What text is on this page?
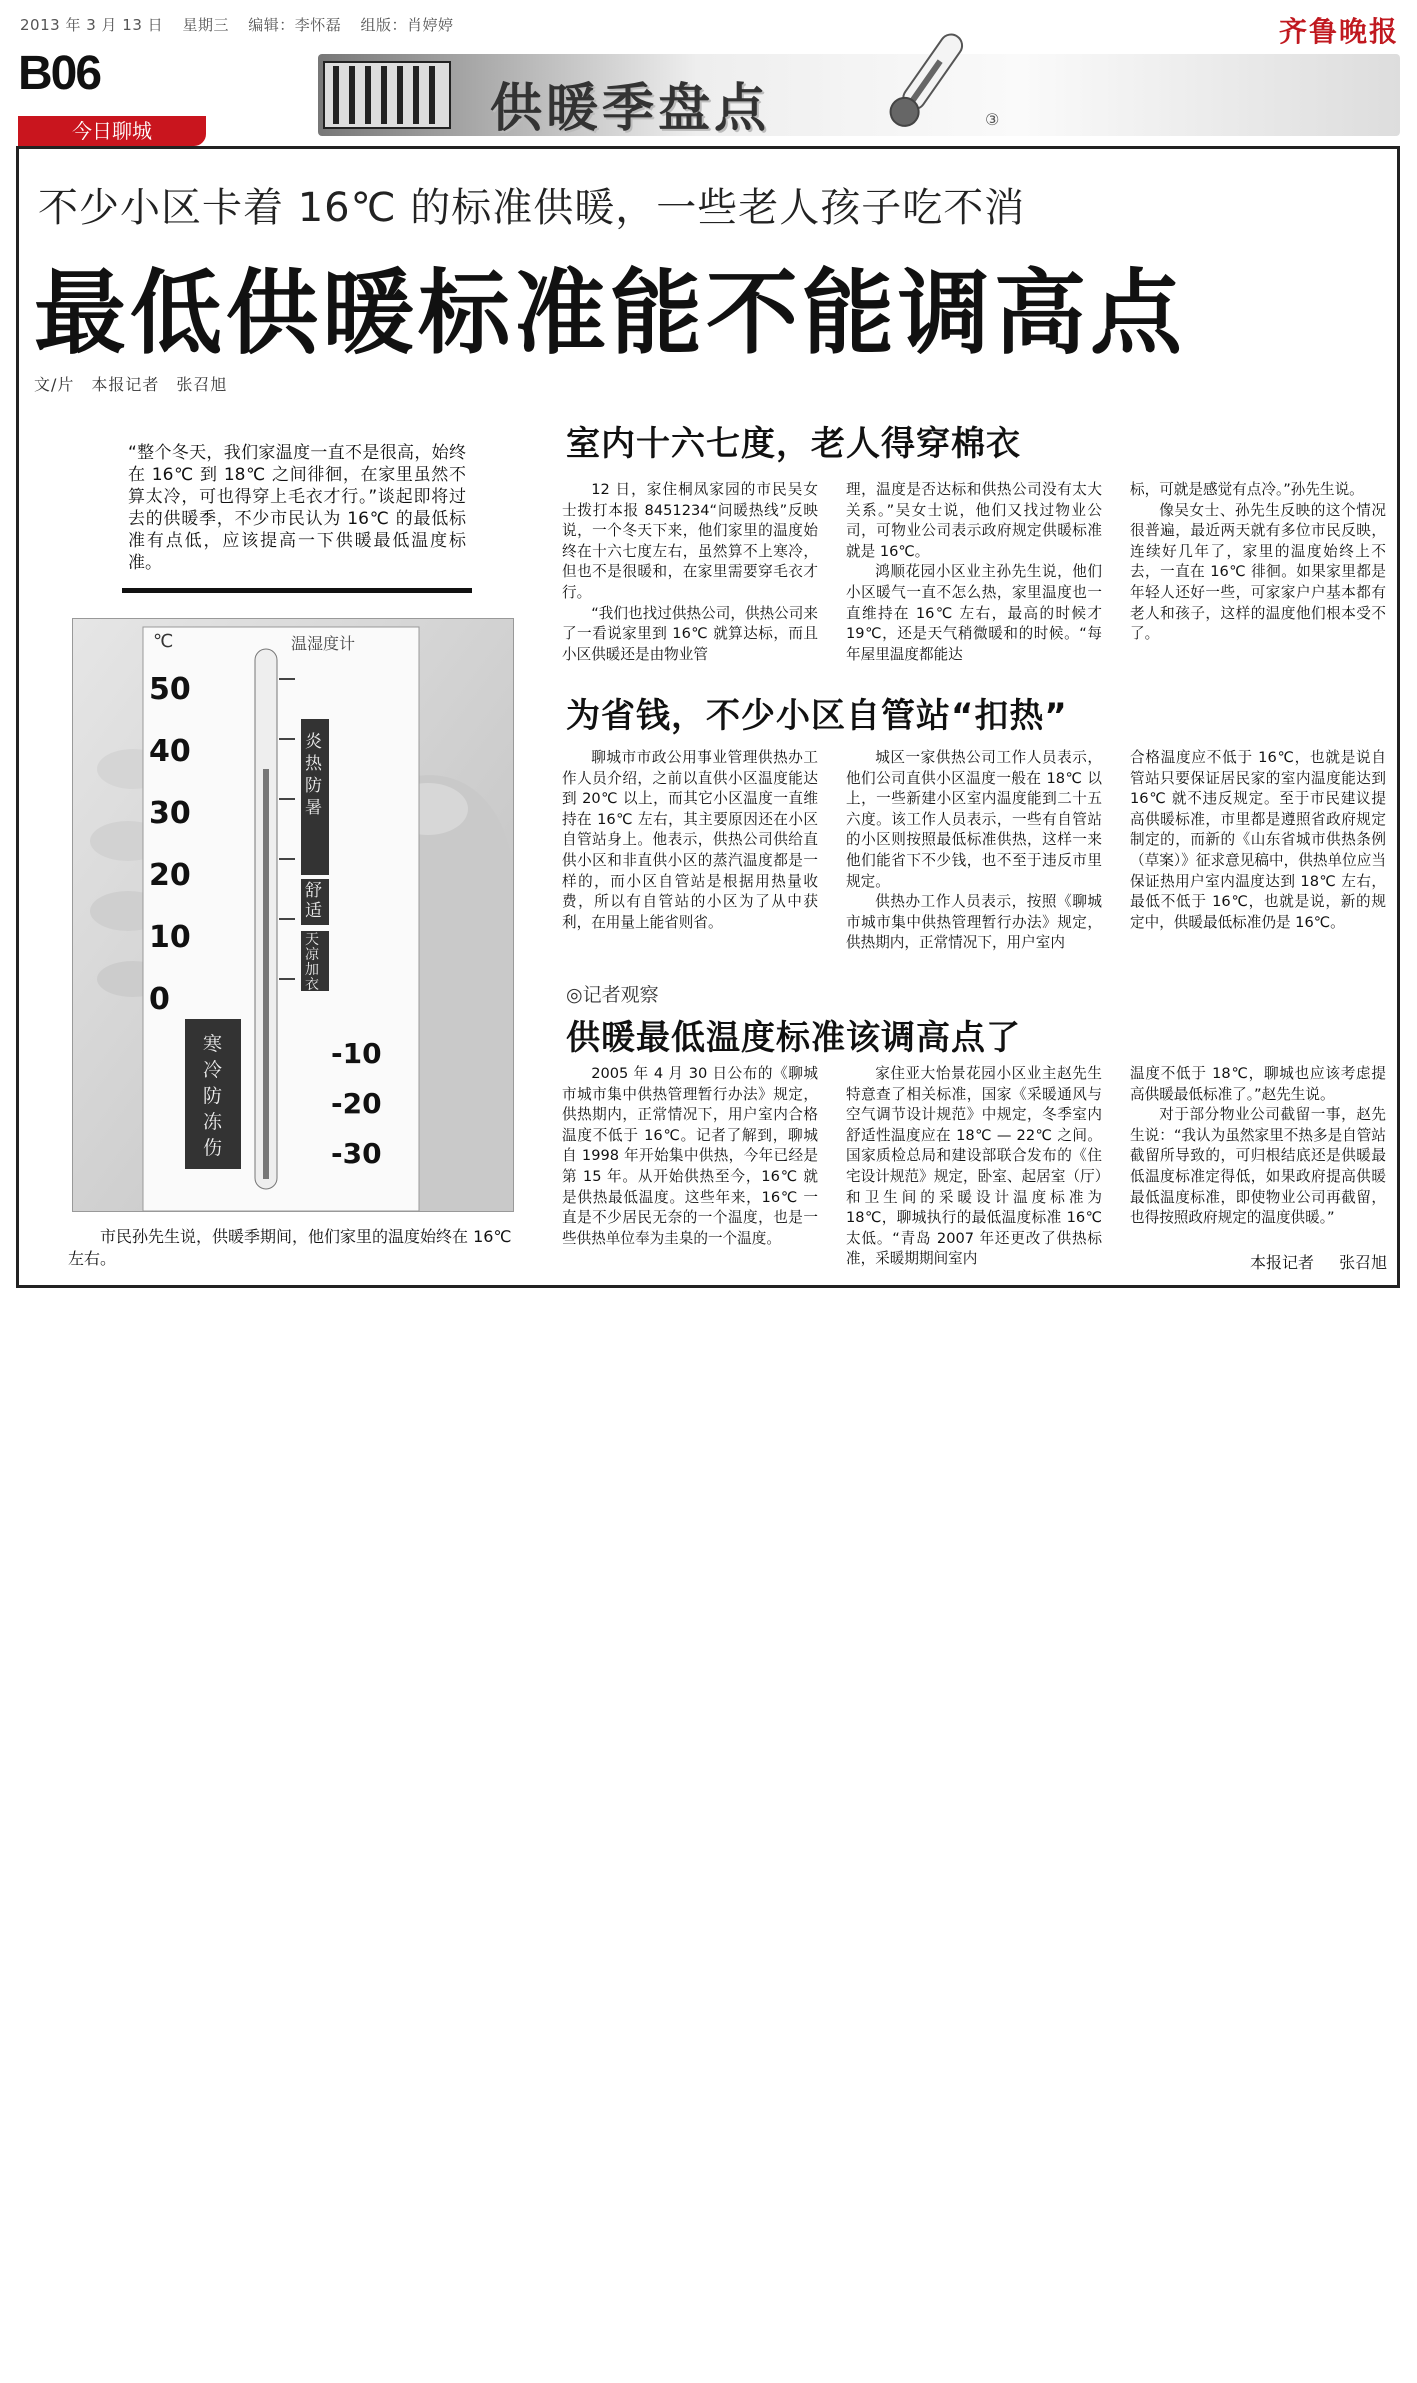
2013 年 3 月 13 日 星期三 编辑：李怀磊 组版：肖婷婷	齐鲁晚报
B06
供暖季盘点	③
今日聊城
不少小区卡着 16℃ 的标准供暖，一些老人孩子吃不消
最低供暖标准能不能调高点
文/片　本报记者　张召旭
“整个冬天，我们家温度一直不是很高，始终在 16℃ 到 18℃ 之间徘徊，在家里虽然不算太冷，可也得穿上毛衣才行。”谈起即将过去的供暖季，不少市民认为 16℃ 的最低标准有点低，应该提高一下供暖最低温度标准。
温湿度计
℃
50
40
30
20
10
0
-10
-20
-30
炎热防暑
舒适
天凉加衣
寒冷防冻伤
市民孙先生说，供暖季期间，他们家里的温度始终在 16℃ 左右。
室内十六七度，老人得穿棉衣

12 日，家住桐凤家园的市民吴女士拨打本报 8451234“问暖热线”反映说，一个冬天下来，他们家里的温度始终在十六七度左右，虽然算不上寒冷，但也不是很暖和，在家里需要穿毛衣才行。

“我们也找过供热公司，供热公司来了一看说家里到 16℃ 就算达标，而且小区供暖还是由物业管

理，温度是否达标和供热公司没有太大关系。”吴女士说，他们又找过物业公司，可物业公司表示政府规定供暖标准就是 16℃。

鸿顺花园小区业主孙先生说，他们小区暖气一直不怎么热，家里温度也一直维持在 16℃ 左右，最高的时候才 19℃，还是天气稍微暖和的时候。“每年屋里温度都能达

标，可就是感觉有点冷。”孙先生说。

像吴女士、孙先生反映的这个情况很普遍，最近两天就有多位市民反映，连续好几年了，家里的温度始终上不去，一直在 16℃ 徘徊。如果家里都是年轻人还好一些，可家家户户基本都有老人和孩子，这样的温度他们根本受不了。

为省钱，不少小区自管站“扣热”

聊城市市政公用事业管理供热办工作人员介绍，之前以直供小区温度能达到 20℃ 以上，而其它小区温度一直维持在 16℃ 左右，其主要原因还在小区自管站身上。他表示，供热公司供给直供小区和非直供小区的蒸汽温度都是一样的，而小区自管站是根据用热量收费，所以有自管站的小区为了从中获利，在用量上能省则省。

城区一家供热公司工作人员表示，他们公司直供小区温度一般在 18℃ 以上，一些新建小区室内温度能到二十五六度。该工作人员表示，一些有自管站的小区则按照最低标准供热，这样一来他们能省下不少钱，也不至于违反市里规定。

供热办工作人员表示，按照《聊城市城市集中供热管理暂行办法》规定，供热期内，正常情况下，用户室内

合格温度应不低于 16℃，也就是说自管站只要保证居民家的室内温度能达到 16℃ 就不违反规定。至于市民建议提高供暖标准，市里都是遵照省政府规定制定的，而新的《山东省城市供热条例（草案）》征求意见稿中，供热单位应当保证热用户室内温度达到 18℃ 左右，最低不低于 16℃，也就是说，新的规定中，供暖最低标准仍是 16℃。

◎记者观察
供暖最低温度标准该调高点了

2005 年 4 月 30 日公布的《聊城市城市集中供热管理暂行办法》规定，供热期内，正常情况下，用户室内合格温度不低于 16℃。记者了解到，聊城自 1998 年开始集中供热，今年已经是第 15 年。从开始供热至今，16℃ 就是供热最低温度。这些年来，16℃ 一直是不少居民无奈的一个温度，也是一些供热单位奉为圭臬的一个温度。

家住亚大怡景花园小区业主赵先生特意查了相关标准，国家《采暖通风与空气调节设计规范》中规定，冬季室内舒适性温度应在 18℃ — 22℃ 之间。国家质检总局和建设部联合发布的《住宅设计规范》规定，卧室、起居室（厅）和卫生间的采暖设计温度标准为 18℃，聊城执行的最低温度标准 16℃ 太低。“青岛 2007 年还更改了供热标准，采暖期期间室内

温度不低于 18℃，聊城也应该考虑提高供暖最低标准了。”赵先生说。

对于部分物业公司截留一事，赵先生说：“我认为虽然家里不热多是自管站截留所导致的，可归根结底还是供暖最低温度标准定得低，如果政府提高供暖最低温度标准，即使物业公司再截留，也得按照政府规定的温度供暖。”

本报记者 张召旭
